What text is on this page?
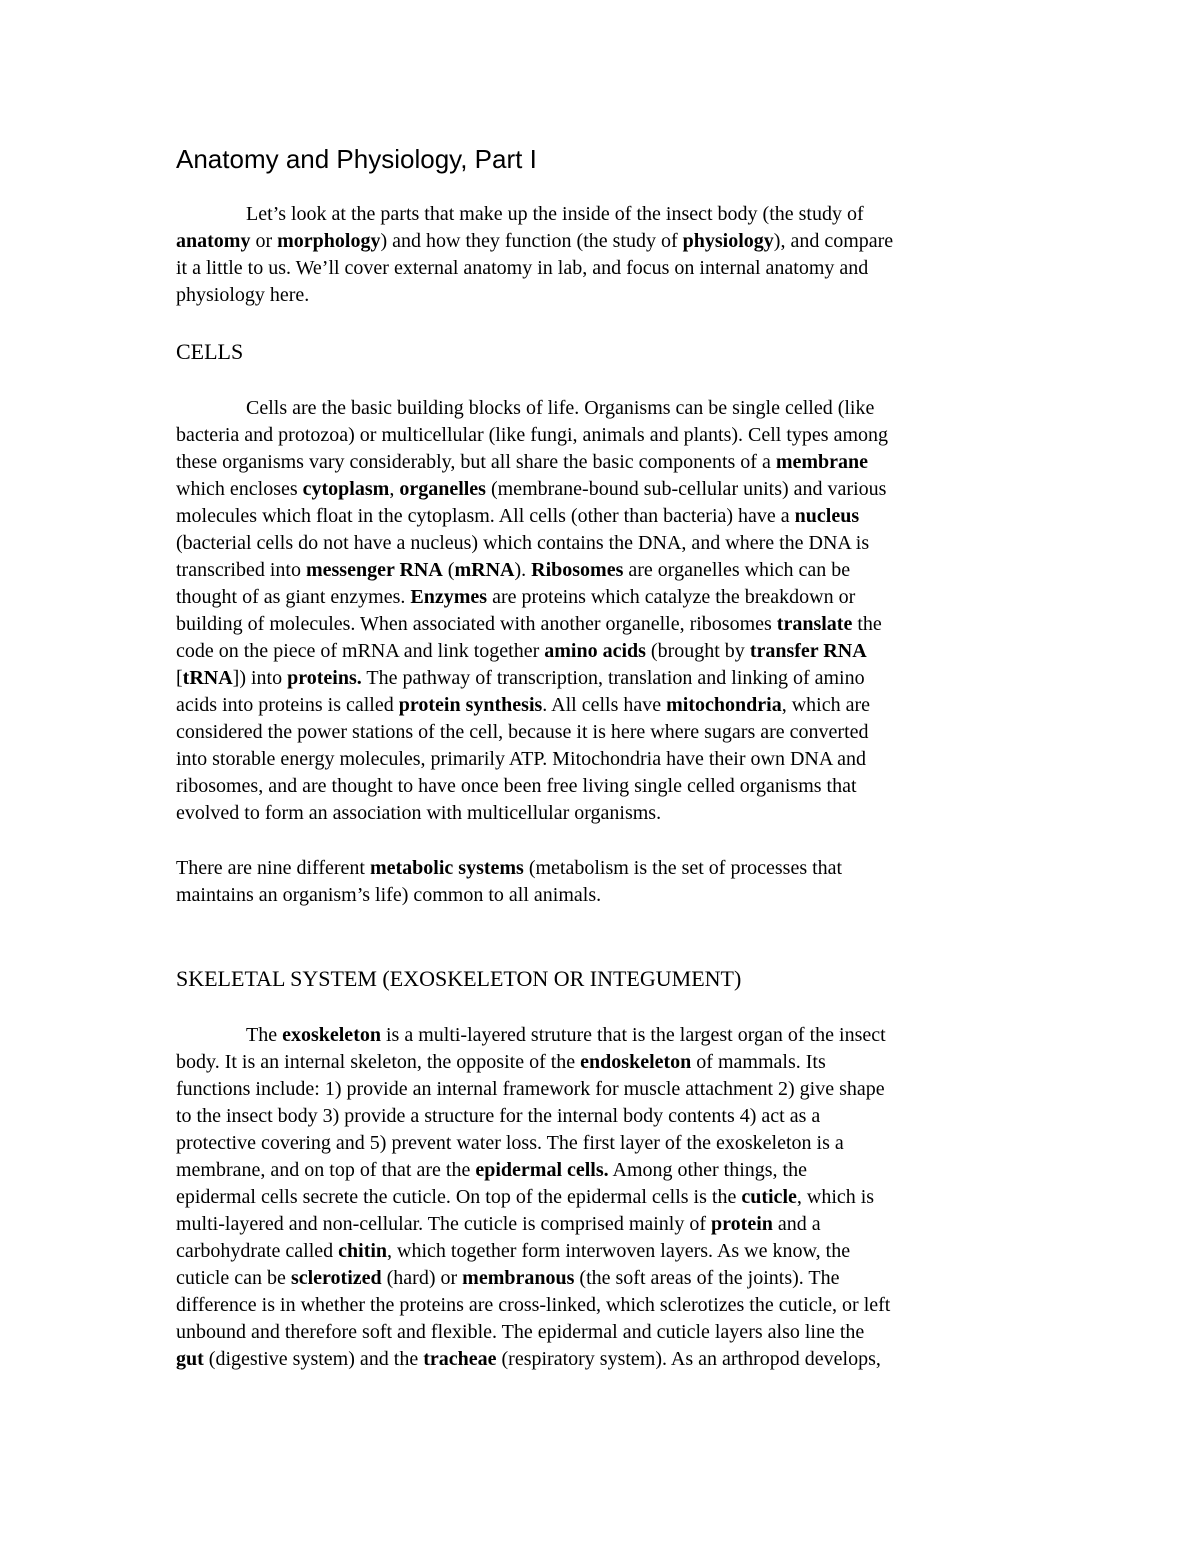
Anatomy and Physiology, Part I
Let’s look at the parts that make up the inside of the insect body (the study of
anatomy or morphology) and how they function (the study of physiology), and compare
it a little to us. We’ll cover external anatomy in lab, and focus on internal anatomy and
physiology here.
CELLS
Cells are the basic building blocks of life. Organisms can be single celled (like
bacteria and protozoa) or multicellular (like fungi, animals and plants). Cell types among
these organisms vary considerably, but all share the basic components of a membrane
which encloses cytoplasm, organelles (membrane-bound sub-cellular units) and various
molecules which float in the cytoplasm. All cells (other than bacteria) have a nucleus
(bacterial cells do not have a nucleus) which contains the DNA, and where the DNA is
transcribed into messenger RNA (mRNA). Ribosomes are organelles which can be
thought of as giant enzymes. Enzymes are proteins which catalyze the breakdown or
building of molecules. When associated with another organelle, ribosomes translate the
code on the piece of mRNA and link together amino acids (brought by transfer RNA
[tRNA]) into proteins. The pathway of transcription, translation and linking of amino
acids into proteins is called protein synthesis. All cells have mitochondria, which are
considered the power stations of the cell, because it is here where sugars are converted
into storable energy molecules, primarily ATP. Mitochondria have their own DNA and
ribosomes, and are thought to have once been free living single celled organisms that
evolved to form an association with multicellular organisms.
There are nine different metabolic systems (metabolism is the set of processes that
maintains an organism’s life) common to all animals.
SKELETAL SYSTEM (EXOSKELETON OR INTEGUMENT)
The exoskeleton is a multi-layered struture that is the largest organ of the insect
body. It is an internal skeleton, the opposite of the endoskeleton of mammals. Its
functions include: 1) provide an internal framework for muscle attachment 2) give shape
to the insect body 3) provide a structure for the internal body contents 4) act as a
protective covering and 5) prevent water loss. The first layer of the exoskeleton is a
membrane, and on top of that are the epidermal cells. Among other things, the
epidermal cells secrete the cuticle. On top of the epidermal cells is the cuticle, which is
multi-layered and non-cellular. The cuticle is comprised mainly of protein and a
carbohydrate called chitin, which together form interwoven layers. As we know, the
cuticle can be sclerotized (hard) or membranous (the soft areas of the joints). The
difference is in whether the proteins are cross-linked, which sclerotizes the cuticle, or left
unbound and therefore soft and flexible. The epidermal and cuticle layers also line the
gut (digestive system) and the tracheae (respiratory system). As an arthropod develops,
